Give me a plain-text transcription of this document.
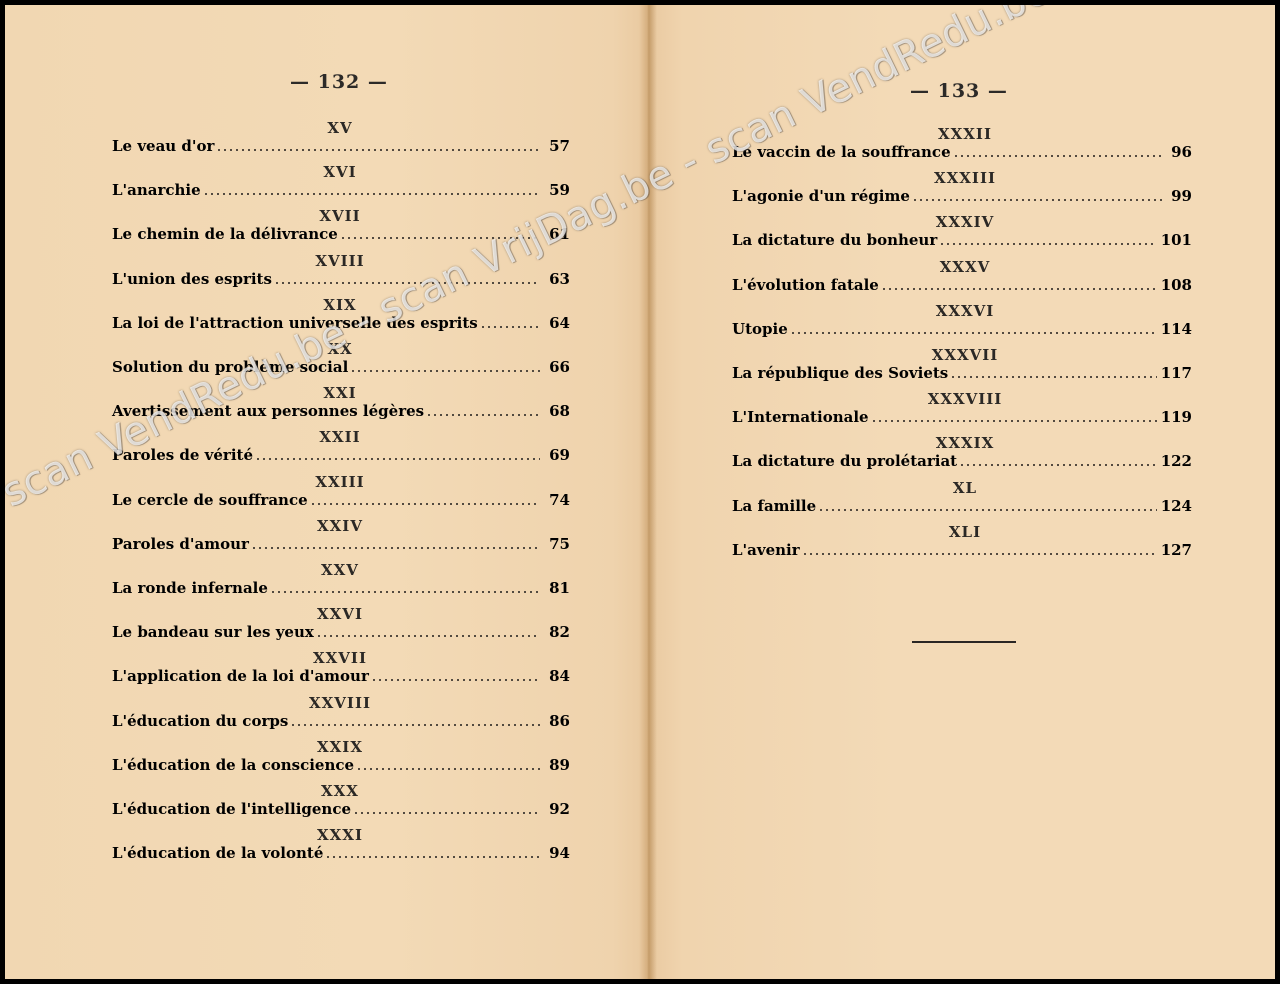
— 132 —
XV
Le veau d'or	57
XVI
L'anarchie	59
XVII
Le chemin de la délivrance	61
XVIII
L'union des esprits	63
XIX
La loi de l'attraction universelle des esprits	64
XX
Solution du problème social	66
XXI
Avertissement aux personnes légères	68
XXII
Paroles de vérité	69
XXIII
Le cercle de souffrance	74
XXIV
Paroles d'amour	75
XXV
La ronde infernale	81
XXVI
Le bandeau sur les yeux	82
XXVII
L'application de la loi d'amour	84
XXVIII
L'éducation du corps	86
XXIX
L'éducation de la conscience	89
XXX
L'éducation de l'intelligence	92
XXXI
L'éducation de la volonté	94
— 133 —
XXXII
Le vaccin de la souffrance	96
XXXIII
L'agonie d'un régime	99
XXXIV
La dictature du bonheur	101
XXXV
L'évolution fatale	108
XXXVI
Utopie	114
XXXVII
La république des Soviets	117
XXXVIII
L'Internationale	119
XXXIX
La dictature du prolétariat	122
XL
La famille	124
XLI
L'avenir	127
scan VendRedu.be - scan VrijDag.be - scan VendRedu.be
